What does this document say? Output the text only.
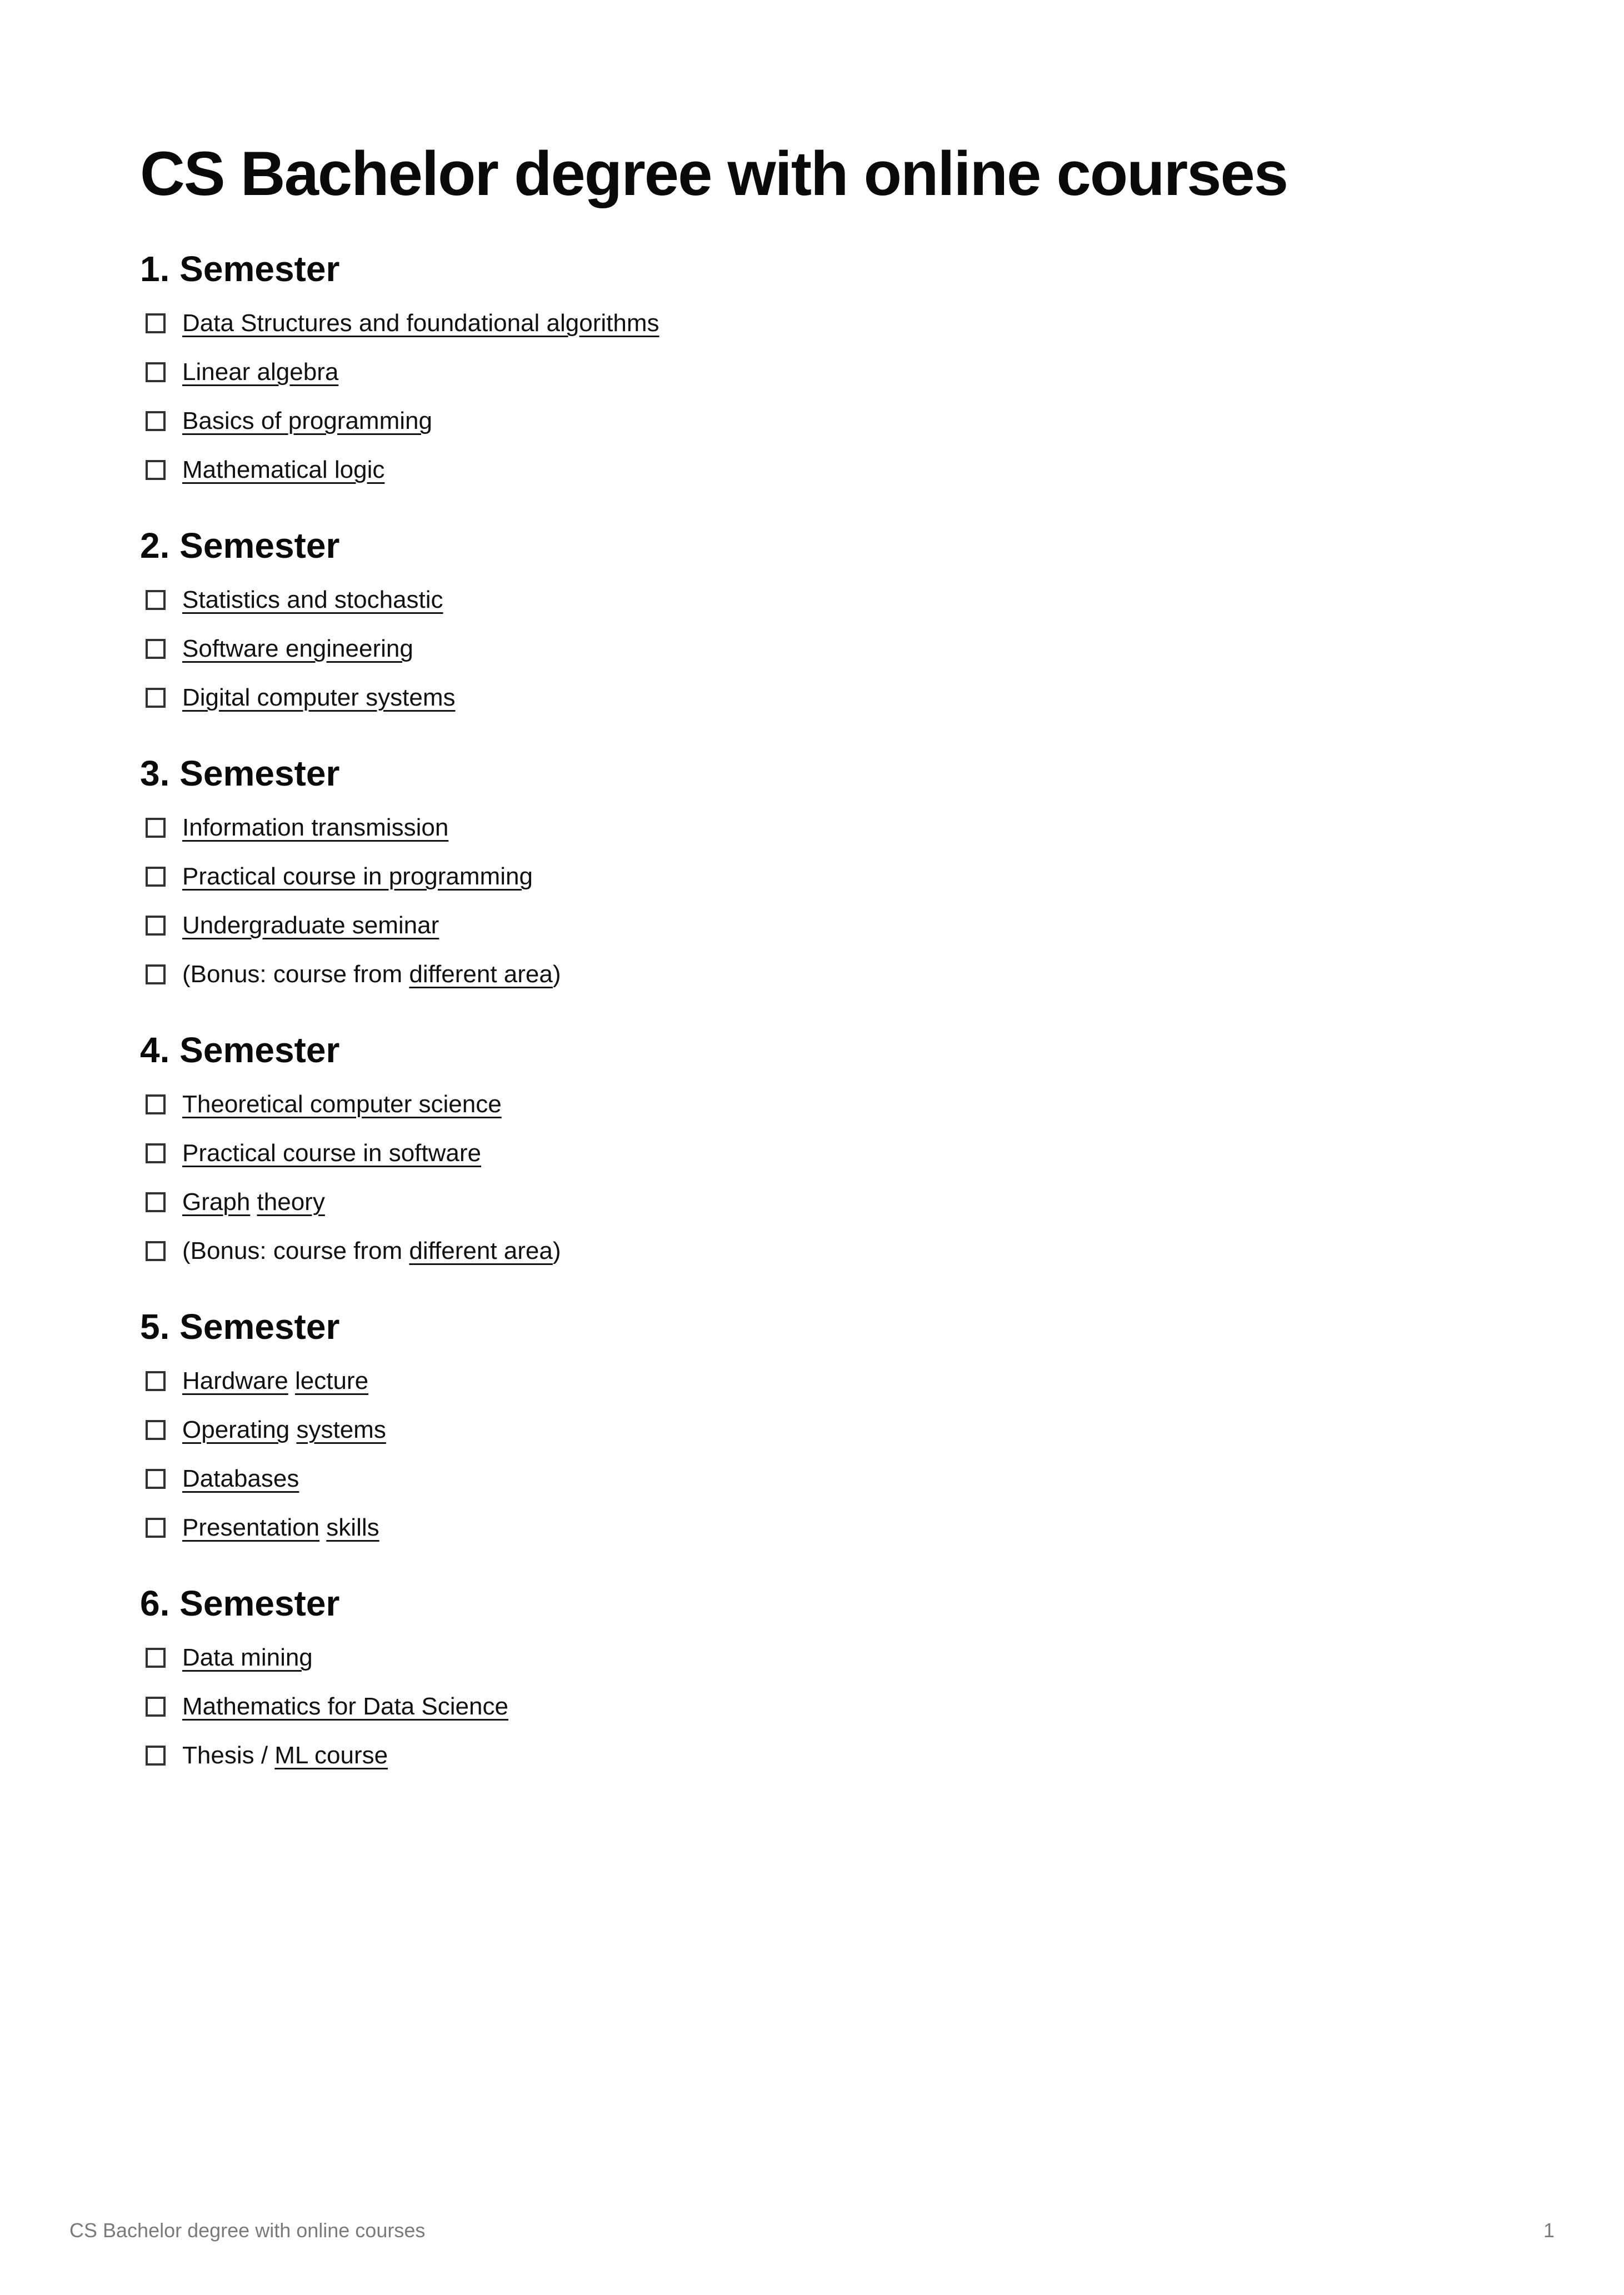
CS Bachelor degree with online courses
1. Semester
Data Structures and foundational algorithms
Linear algebra
Basics of programming
Mathematical logic
2. Semester
Statistics and stochastic
Software engineering
Digital computer systems
3. Semester
Information transmission
Practical course in programming
Undergraduate seminar
(Bonus: course from different area)
4. Semester
Theoretical computer science
Practical course in software
Graph theory
(Bonus: course from different area)
5. Semester
Hardware lecture
Operating systems
Databases
Presentation skills
6. Semester
Data mining
Mathematics for Data Science
Thesis / ML course
CS Bachelor degree with online courses	1
